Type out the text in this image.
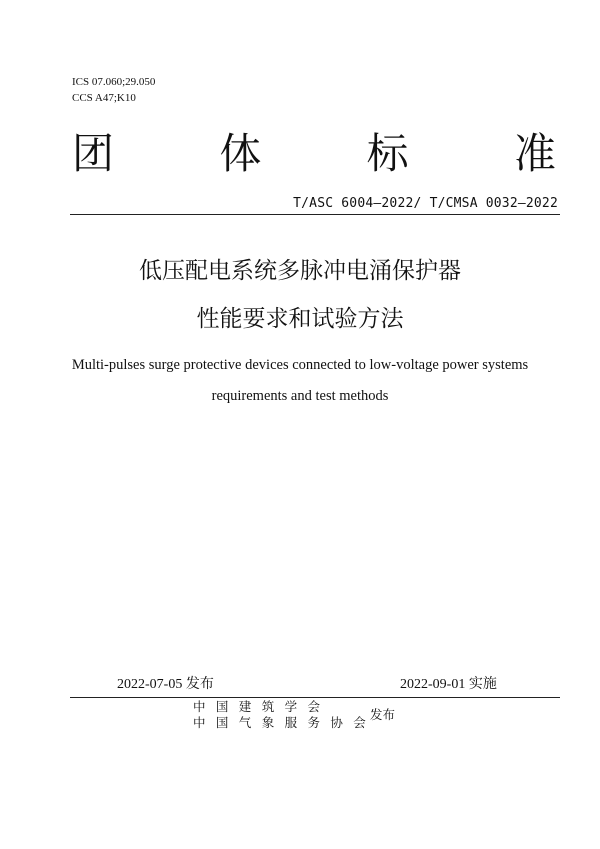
ICS 07.060;29.050
CCS A47;K10
团	体	标	准
T/ASC 6004—2022/ T/CMSA 0032—2022
低压配电系统多脉冲电涌保护器
性能要求和试验方法
Multi-pulses surge protective devices connected to low-voltage power systems
requirements and test methods
2022-07-05 发布	2022-09-01 实施
中国建筑学会
中国气象服务协会
发布
